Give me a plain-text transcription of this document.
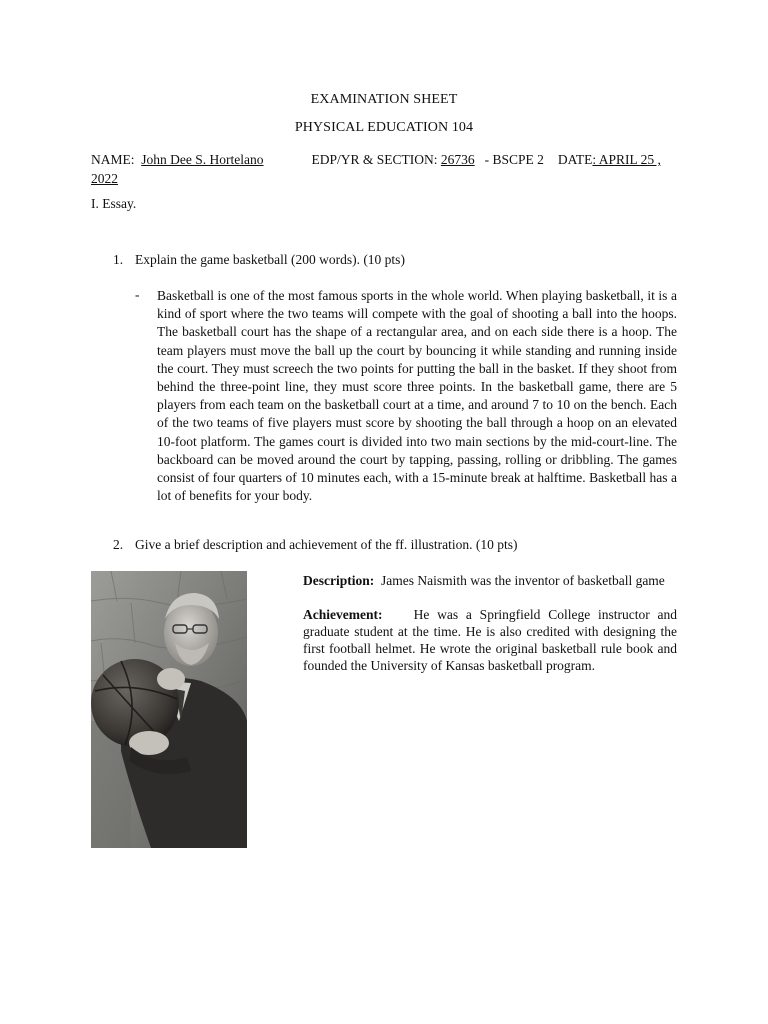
EXAMINATION SHEET
PHYSICAL EDUCATION 104
NAME: John Dee S. Hortelano	EDP/YR & SECTION: 26736 - BSCPE 2 DATE: APRIL 25 , 2022
I. Essay.
1. Explain the game basketball (200 words). (10 pts)
- Basketball is one of the most famous sports in the whole world. When playing basketball, it is a kind of sport where the two teams will compete with the goal of shooting a ball into the hoops. The basketball court has the shape of a rectangular area, and on each side there is a hoop. The team players must move the ball up the court by bouncing it while standing and running inside the court. They must screech the two points for putting the ball in the basket. If they shoot from behind the three-point line, they must score three points. In the basketball game, there are 5 players from each team on the basketball court at a time, and around 7 to 10 on the bench. Each of the two teams of five players must score by shooting the ball through a hoop on an elevated 10-foot platform. The games court is divided into two main sections by the mid-court-line. The backboard can be moved around the court by tapping, passing, rolling or dribbling. The games consist of four quarters of 10 minutes each, with a 15-minute break at halftime. Basketball has a lot of benefits for your body.
2. Give a brief description and achievement of the ff. illustration. (10 pts)
Description: James Naismith was the inventor of basketball game
Achievement: He was a Springfield College instructor and graduate student at the time. He is also credited with designing the first football helmet. He wrote the original basketball rule book and founded the University of Kansas basketball program.
